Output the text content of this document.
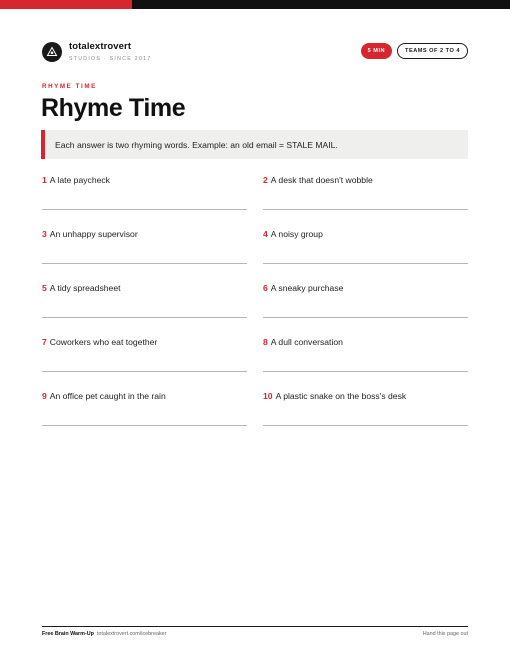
totalextrovert
STUDIOS · SINCE 2017
5 MIN	TEAMS OF 2 TO 4
RHYME TIME
Rhyme Time
Each answer is two rhyming words. Example: an old email = STALE MAIL.
1 A late paycheck	2 A desk that doesn't wobble
3 An unhappy supervisor	4 A noisy group
5 A tidy spreadsheet	6 A sneaky purchase
7 Coworkers who eat together	8 A dull conversation
9 An office pet caught in the rain	10 A plastic snake on the boss's desk
Free Brain Warm-Up totalextrovert.com/icebreaker	Hand this page out
